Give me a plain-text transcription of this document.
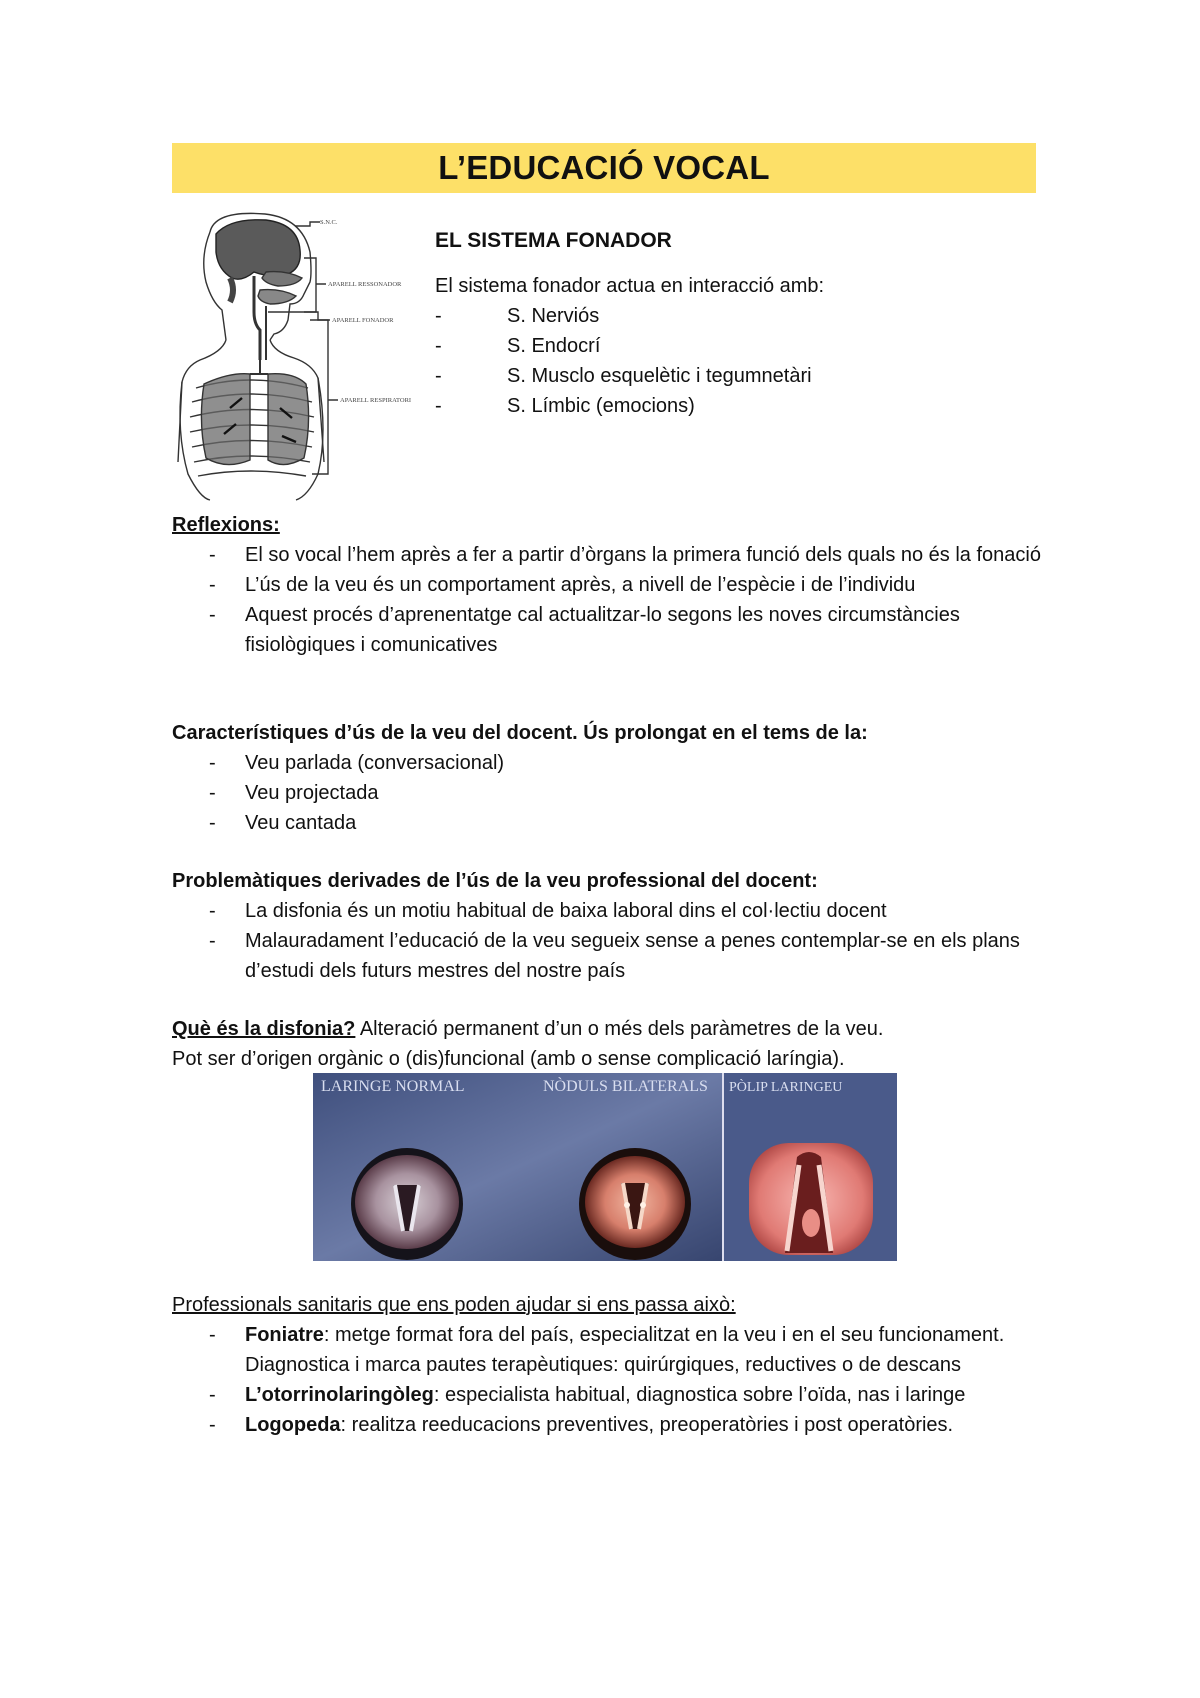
L’EDUCACIÓ VOCAL
S.N.C.
APARELL RESSONADOR
APARELL FONADOR
APARELL RESPIRATORI
EL SISTEMA FONADOR

El sistema fonador actua en interacció amb:

-	S. Nerviós
-	S. Endocrí
-	S. Musclo esquelètic i tegumnetàri
-	S. Límbic (emocions)
Reflexions:
- El so vocal l’hem après a fer a partir d’òrgans la primera funció dels quals no és la fonació
- L’ús de la veu és un comportament après, a nivell de l’espècie i de l’individu
- Aquest procés d’aprenentatge cal actualitzar-lo segons les noves circumstàncies fisiològiques i comunicatives
Característiques d’ús de la veu del docent. Ús prolongat en el tems de la:
- Veu parlada (conversacional)
- Veu projectada
- Veu cantada
Problemàtiques derivades de l’ús de la veu professional del docent:
- La disfonia és un motiu habitual de baixa laboral dins el col·lectiu docent
- Malauradament l’educació de la veu segueix sense a penes contemplar-se en els plans d’estudi dels futurs mestres del nostre país

Què és la disfonia? Alteració permanent d’un o més dels paràmetres de la veu.

Pot ser d’origen orgànic o (dis)funcional (amb o sense complicació laríngia).

LARINGE NORMAL	NÒDULS BILATERALS PÒLIP LARINGEU

Professionals sanitaris que ens poden ajudar si ens passa això:

- Foniatre: metge format fora del país, especialitzat en la veu i en el seu funcionament. Diagnostica i marca pautes terapèutiques: quirúrgiques, reductives o de descans
- L’otorrinolaringòleg: especialista habitual, diagnostica sobre l’oïda, nas i laringe
- Logopeda: realitza reeducacions preventives, preoperatòries i post operatòries.
